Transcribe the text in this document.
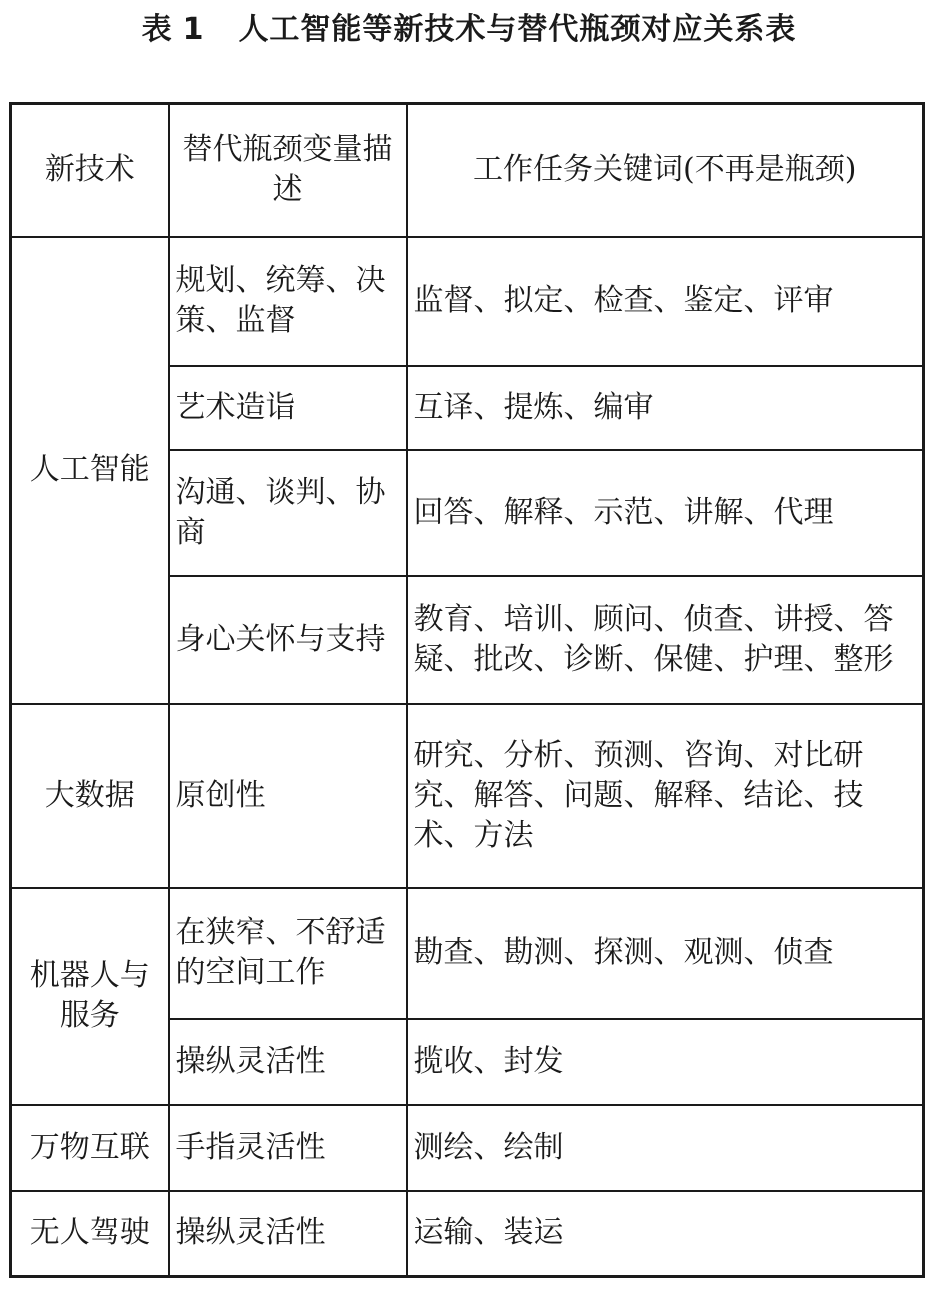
表 1 人工智能等新技术与替代瓶颈对应关系表
新技术	替代瓶颈变量描述	工作任务关键词(不再是瓶颈)
人工智能	规划、统筹、决策、监督	监督、拟定、检查、鉴定、评审
	艺术造诣	互译、提炼、编审
	沟通、谈判、协商	回答、解释、示范、讲解、代理
	身心关怀与支持	教育、培训、顾问、侦查、讲授、答疑、批改、诊断、保健、护理、整形
大数据	原创性	研究、分析、预测、咨询、对比研究、解答、问题、解释、结论、技术、方法
机器人与服务	在狭窄、不舒适的空间工作	勘查、勘测、探测、观测、侦查
	操纵灵活性	揽收、封发
万物互联	手指灵活性	测绘、绘制
无人驾驶	操纵灵活性	运输、装运
